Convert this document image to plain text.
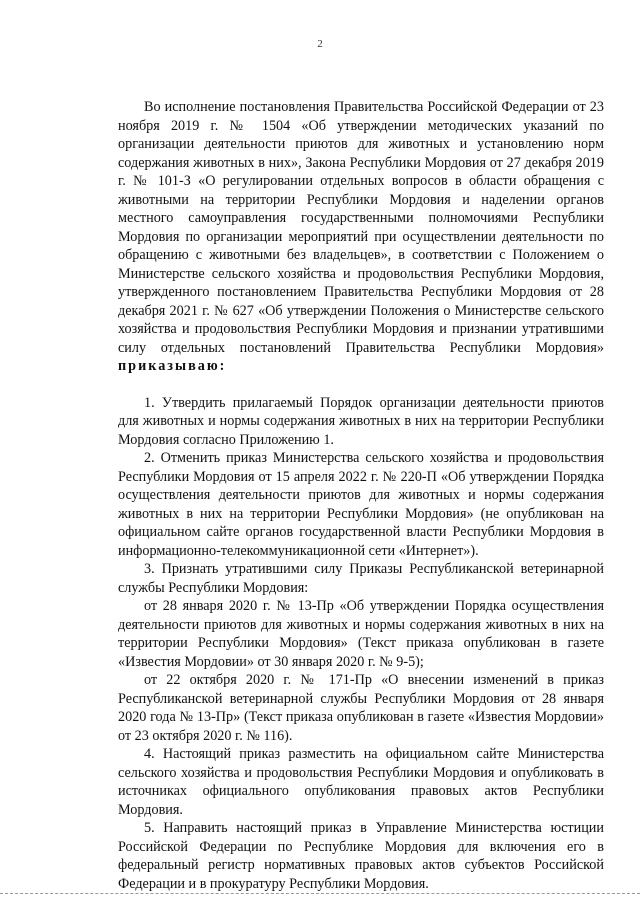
2

Во исполнение постановления Правительства Российской Федерации от 23 ноября 2019 г. № 1504 «Об утверждении методических указаний по организации деятельности приютов для животных и установлению норм содержания животных в них», Закона Республики Мордовия от 27 декабря 2019 г. № 101-З «О регулировании отдельных вопросов в области обращения с животными на территории Республики Мордовия и наделении органов местного самоуправления государственными полномочиями Республики Мордовия по организации мероприятий при осуществлении деятельности по обращению с животными без владельцев», в соответствии с Положением о Министерстве сельского хозяйства и продовольствия Республики Мордовия, утвержденного постановлением Правительства Республики Мордовия от 28 декабря 2021 г. № 627 «Об утверждении Положения о Министерстве сельского хозяйства и продовольствия Республики Мордовия и признании утратившими силу отдельных постановлений Правительства Республики Мордовия» приказываю:

1. Утвердить прилагаемый Порядок организации деятельности приютов для животных и нормы содержания животных в них на территории Республики Мордовия согласно Приложению 1.

2. Отменить приказ Министерства сельского хозяйства и продовольствия Республики Мордовия от 15 апреля 2022 г. № 220-П «Об утверждении Порядка осуществления деятельности приютов для животных и нормы содержания животных в них на территории Республики Мордовия» (не опубликован на официальном сайте органов государственной власти Республики Мордовия в информационно-телекоммуникационной сети «Интернет»).

3. Признать утратившими силу Приказы Республиканской ветеринарной службы Республики Мордовия:

от 28 января 2020 г. № 13-Пр «Об утверждении Порядка осуществления деятельности приютов для животных и нормы содержания животных в них на территории Республики Мордовия» (Текст приказа опубликован в газете «Известия Мордовии» от 30 января 2020 г. № 9-5);

от 22 октября 2020 г. № 171-Пр «О внесении изменений в приказ Республиканской ветеринарной службы Республики Мордовия от 28 января 2020 года № 13-Пр» (Текст приказа опубликован в газете «Известия Мордовии» от 23 октября 2020 г. № 116).

4. Настоящий приказ разместить на официальном сайте Министерства сельского хозяйства и продовольствия Республики Мордовия и опубликовать в источниках официального опубликования правовых актов Республики Мордовия.

5. Направить настоящий приказ в Управление Министерства юстиции Российской Федерации по Республике Мордовия для включения его в федеральный регистр нормативных правовых актов субъектов Российской Федерации и в прокуратуру Республики Мордовия.
